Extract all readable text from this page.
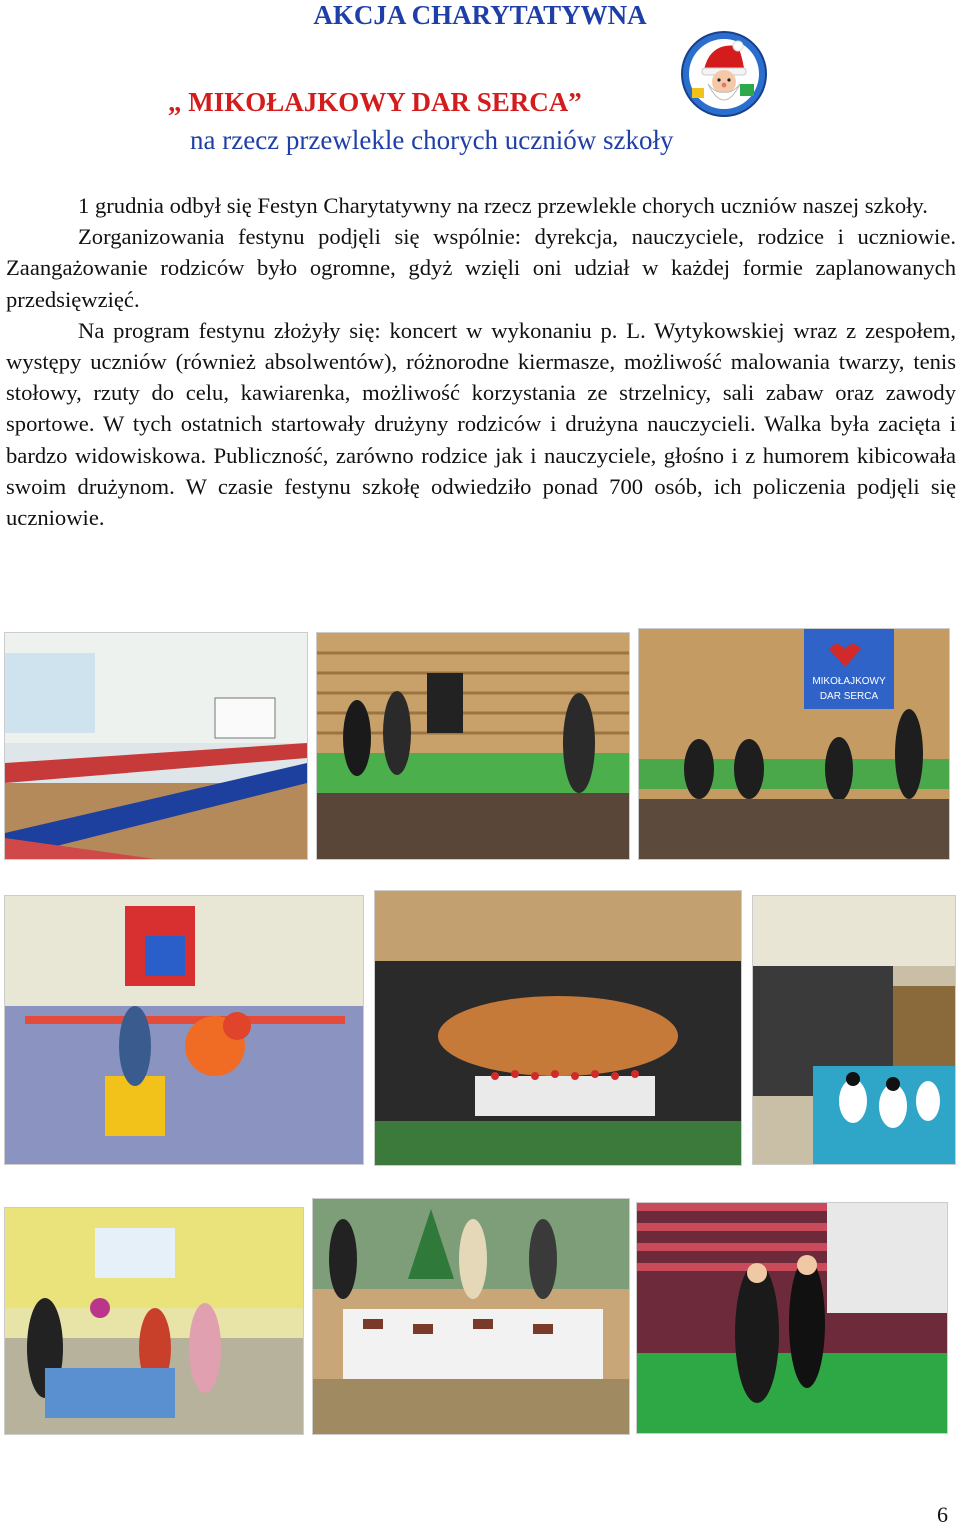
AKCJA CHARYTATYWNA
„ MIKOŁAJKOWY DAR SERCA”
na rzecz przewlekle chorych uczniów szkoły

1 grudnia odbył się Festyn Charytatywny na rzecz przewlekle chorych uczniów naszej szkoły.

Zorganizowania festynu podjęli się wspólnie: dyrekcja, nauczyciele, rodzice i uczniowie. Zaangażowanie rodziców było ogromne, gdyż wzięli oni udział w każdej formie zaplanowanych przedsięwzięć.

Na program festynu złożyły się: koncert w wykonaniu p. L. Wytykowskiej wraz z zespołem, występy uczniów (również absolwentów), różnorodne kiermasze, możliwość malowania twarzy, tenis stołowy, rzuty do celu, kawiarenka, możliwość korzystania ze strzelnicy, sali zabaw oraz zawody sportowe. W tych ostatnich startowały drużyny rodziców i drużyna nauczycieli. Walka była zacięta i bardzo widowiskowa. Publiczność, zarówno rodzice jak i nauczyciele, głośno i z humorem kibicowała swoim drużynom. W czasie festynu szkołę odwiedziło ponad 700 osób, ich policzenia podjęli się uczniowie.

MIKOŁAJKOWY
DAR SERCA
6
